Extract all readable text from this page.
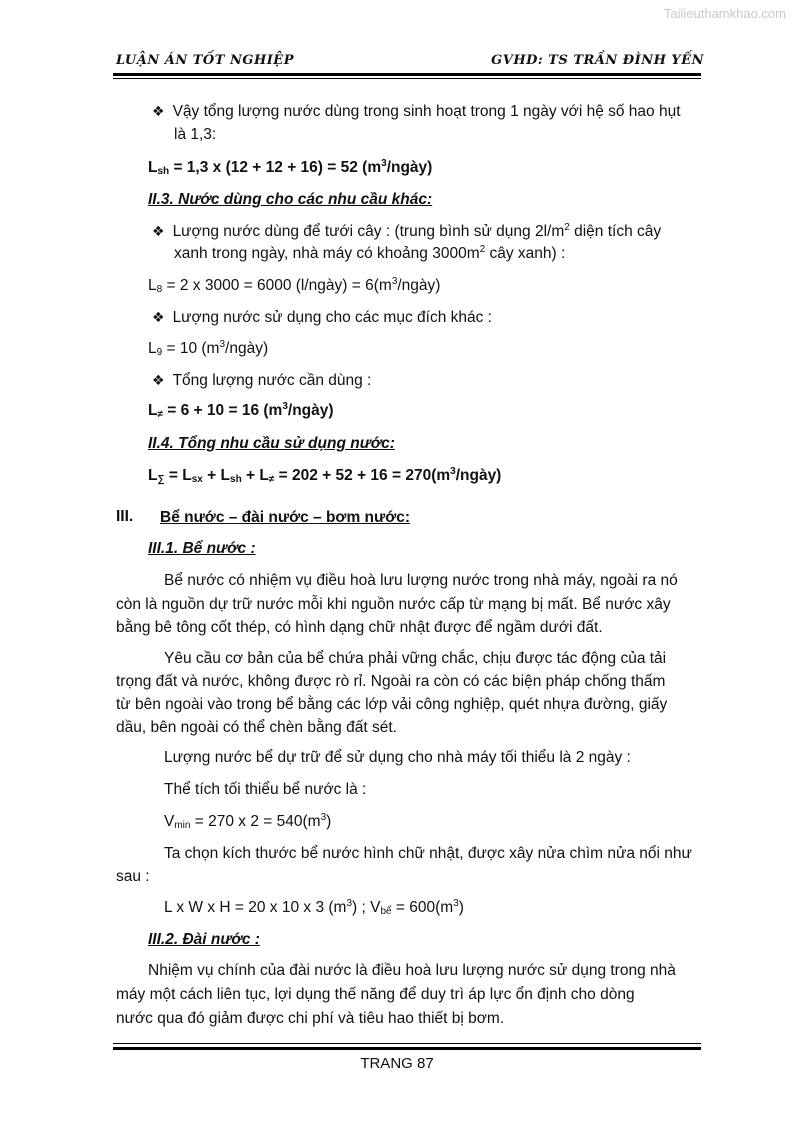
Tailieuthamkhao.com
LUẬN ÁN TỐT NGHIỆP	GVHD: TS TRẦN ĐÌNH YẾN
❖ Vậy tổng lượng nước dùng trong sinh hoạt trong 1 ngày với hệ số hao hụt
là 1,3:
$L_{sh} = 1,3$ x (12 + 12 + 16) = 52 $(m^3/ngày)$
II.3. Nước dùng cho các nhu cầu khác:
❖ Lượng nước dùng để tưới cây : (trung bình sử dụng $2l/m^2$ diện tích cây
xanh trong ngày, nhà máy có khoảng $3000m^2$ cây xanh) :
$L_8 = 2$ x 3000 = 6000 (l/ngày) = $6(m^3/ngày)$
❖ Lượng nước sử dụng cho các mục đích khác :
$L_9 = 10$ $(m^3/ngày)$
❖ Tổng lượng nước cần dùng :
$L_\ne = 6 + 10 = 16$ $(m^3/ngày)$
II.4. Tổng nhu cầu sử dụng nước:
$L_\sum = L_{sx} + L_{sh} + L_\ne = 202 + 52 + 16$ = $270(m^3/ngày)$
III. Bể nước – đài nước – bơm nước:
III.1. Bể nước :
Bể nước có nhiệm vụ điều hoà lưu lượng nước trong nhà máy, ngoài ra nó
còn là nguồn dự trữ nước mỗi khi nguồn nước cấp từ mạng bị mất. Bể nước xây
bằng bê tông cốt thép, có hình dạng chữ nhật được để ngầm dưới đất.
Yêu cầu cơ bản của bể chứa phải vững chắc, chịu được tác động của tải
trọng đất và nước, không được rò rỉ. Ngoài ra còn có các biện pháp chống thấm
từ bên ngoài vào trong bể bằng các lớp vải công nghiệp, quét nhựa đường, giấy
dầu, bên ngoài có thể chèn bằng đất sét.
Lượng nước bể dự trữ để sử dụng cho nhà máy tối thiểu là 2 ngày :
Thể tích tối thiểu bể nước là :
$V_{min} = 270$ x $2 = 540(m^3)$
Ta chọn kích thước bể nước hình chữ nhật, được xây nửa chìm nửa nổi như
sau :
L x W x H = 20 x 10 x 3 $(m^3)$ ; $V_{bể} = 600(m^3)$
III.2. Đài nước :
Nhiệm vụ chính của đài nước là điều hoà lưu lượng nước sử dụng trong nhà
máy một cách liên tục, lợi dụng thế năng để duy trì áp lực ổn định cho dòng
nước qua đó giảm được chi phí và tiêu hao thiết bị bơm.
TRANG 87
